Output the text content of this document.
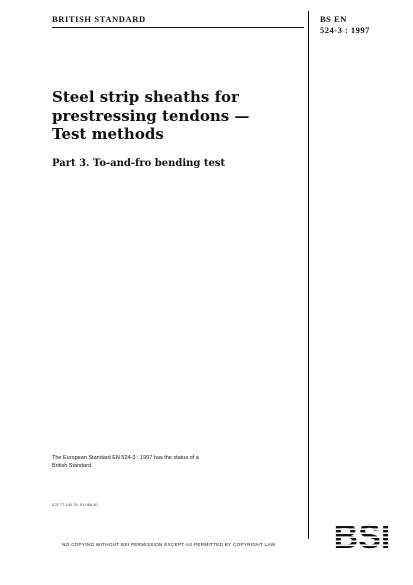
BRITISH STANDARD	BS EN
524-3 : 1997
Steel strip sheaths for
prestressing tendons —
Test methods
Part 3. To-and-fro bending test
The European Standard EN 524-3 : 1997 has the status of a
British Standard
ICS 77.140.75; 91.080.40
NO COPYING WITHOUT BSI PERMISSION EXCEPT AS PERMITTED BY COPYRIGHT LAW
